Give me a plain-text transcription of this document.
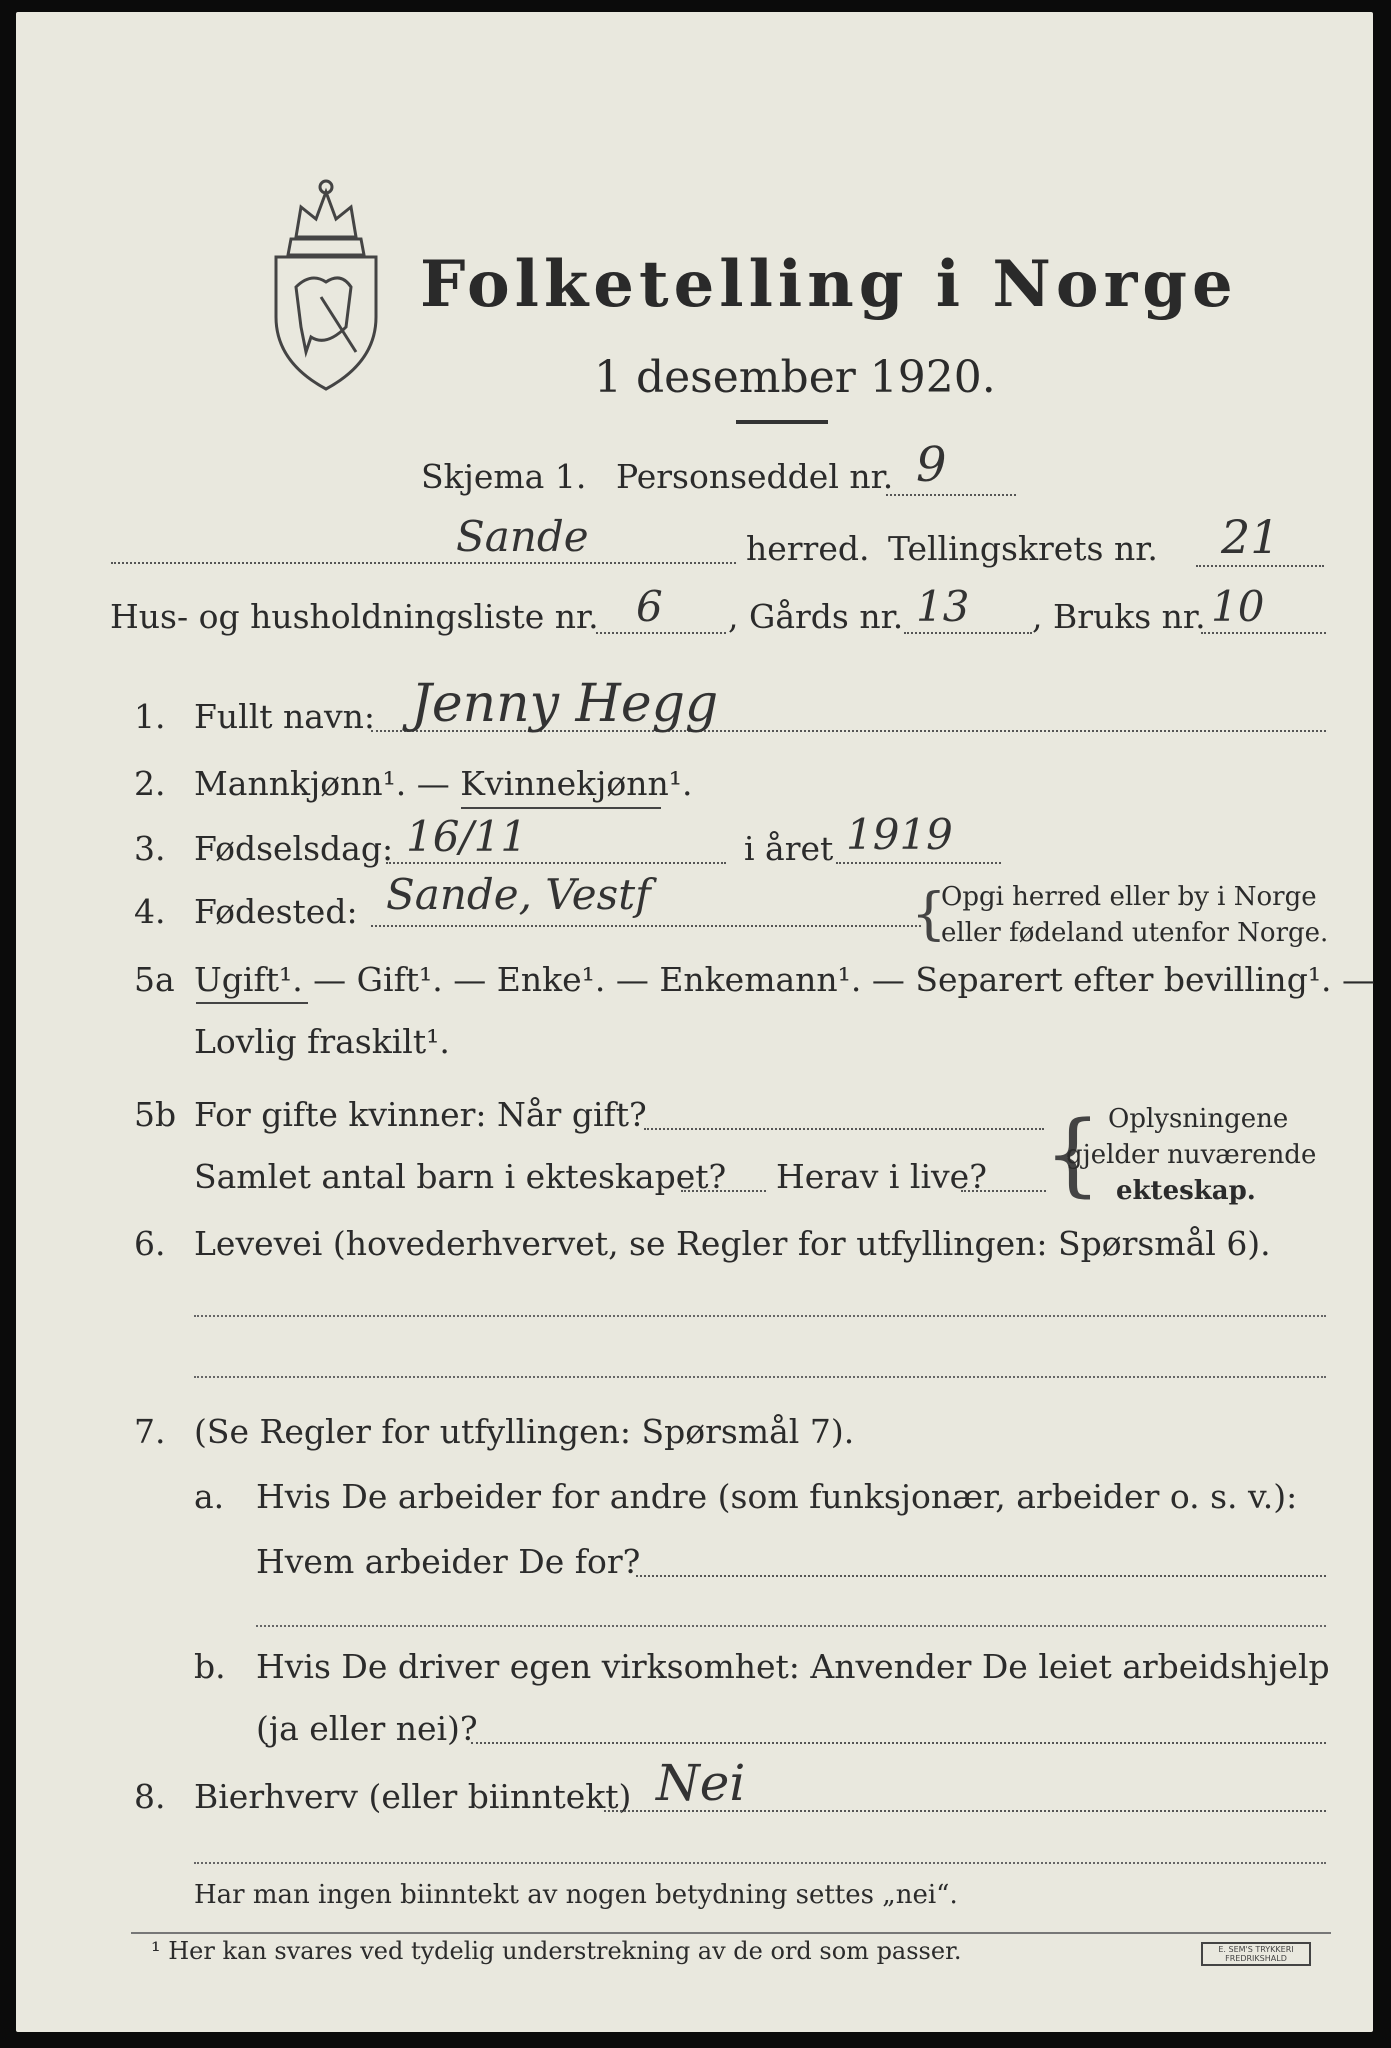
Folketelling i Norge
1 desember 1920.
Skjema 1. Personseddel nr. 9
Sande	herred. Tellingskrets nr. 21
Hus- og husholdningsliste nr. 6 , Gårds nr. 13 , Bruks nr. 10
1. Fullt navn: Jenny Hegg
2. Mannkjønn¹. — Kvinnekjønn¹.
3. Fødselsdag: 16/11	i året 1919
4. Fødested: Sande, Vestf	{
Opgi herred eller by i Norge
eller fødeland utenfor Norge.
5a Ugift¹. — Gift¹. — Enke¹. — Enkemann¹. — Separert efter bevilling¹. —
Lovlig fraskilt¹.
5b For gifte kvinner: Når gift?
Samlet antal barn i ekteskapet? Herav i live? { Oplysningene
gjelder nuværende
ekteskap.
6. Levevei (hovederhvervet, se Regler for utfyllingen: Spørsmål 6).
7. (Se Regler for utfyllingen: Spørsmål 7).
a. Hvis De arbeider for andre (som funksjonær, arbeider o. s. v.):
Hvem arbeider De for?
b. Hvis De driver egen virksomhet: Anvender De leiet arbeidshjelp
(ja eller nei)?
8. Bierhverv (eller biinntekt) Nei
Har man ingen biinntekt av nogen betydning settes „nei“.
¹ Her kan svares ved tydelig understrekning av de ord som passer.	E. SEM'S TRYKKERI FREDRIKSHALD
